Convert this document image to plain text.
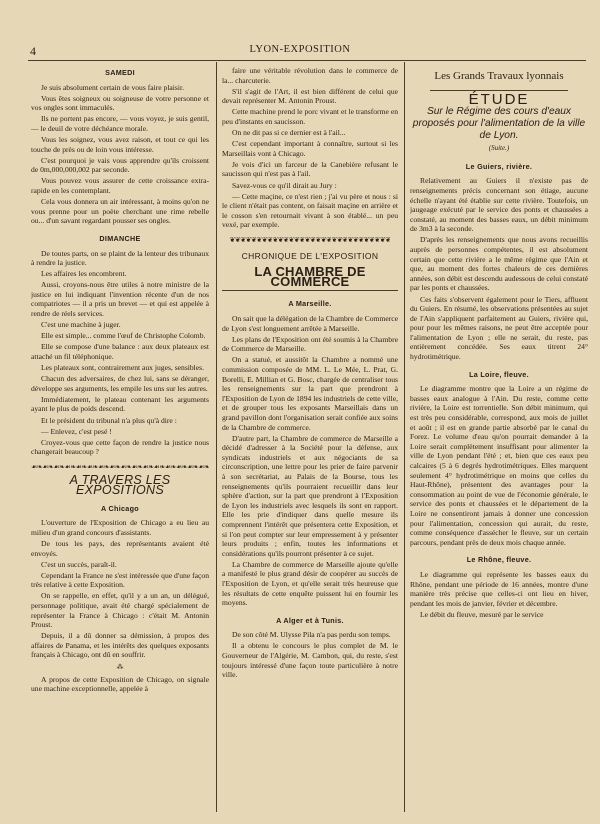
4	LYON-EXPOSITION
SAMEDI

Je suis absolument certain de vous faire plaisir.

Vous êtes soigneux ou soigneuse de votre personne et vos ongles sont immaculés.

Ils ne portent pas encore, — vous voyez, je suis gentil, — le deuil de votre déchéance morale.

Vous les soignez, vous avez raison, et tout ce qui les touche de près ou de loin vous intéresse.

C'est pourquoi je vais vous apprendre qu'ils croissent de 0m,000,000,002 par seconde.

Vous pouvez vous assurer de cette croissance extra-rapide en les contemplant.

Cela vous donnera un air intéressant, à moins qu'on ne vous prenne pour un poète cherchant une rime rebelle ou... d'un savant regardant pousser ses ongles.

DIMANCHE

De toutes parts, on se plaint de la lenteur des tribunaux à rendre la justice.

Les affaires les encombrent.

Aussi, croyons-nous être utiles à notre ministre de la justice en lui indiquant l'invention récente d'un de nos compatriotes — il a pris un brevet — et qui est appelée à rendre de réels services.

C'est une machine à juger.

Elle est simple... comme l'œuf de Christophe Colomb.

Elle se compose d'une balance : aux deux plateaux est attaché un fil téléphonique.

Les plateaux sont, contrairement aux juges, sensibles.

Chacun des adversaires, de chez lui, sans se déranger, développe ses arguments, les empile les uns sur les autres.

Immédiatement, le plateau contenant les arguments ayant le plus de poids descend.

Et le président du tribunal n'a plus qu'à dire :

— Enlevez, c'est pesé !

Croyez-vous que cette façon de rendre la justice nous changerait beaucoup ?

☙❧☙❧☙❧☙❧☙❧☙❧☙❧☙❧☙❧☙❧☙❧☙❧☙❧☙❧☙❧☙❧
A TRAVERS LES EXPOSITIONS
A Chicago

L'ouverture de l'Exposition de Chicago a eu lieu au milieu d'un grand concours d'assistants.

De tous les pays, des représentants avaient été envoyés.

C'est un succès, paraît-il.

Cependant la France ne s'est intéressée que d'une façon très relative à cette Exposition.

On se rappelle, en effet, qu'il y a un an, un délégué, personnage politique, avait été chargé spécialement de représenter la France à Chicago : c'était M. Antonin Proust.

Depuis, il a dû donner sa démission, à propos des affaires de Panama, et les intérêts des quelques exposants français à Chicago, ont dû en souffrir.

⁂

A propos de cette Exposition de Chicago, on signale une machine exceptionnelle, appelée à

faire une véritable révolution dans le commerce de la... charcuterie.

S'il s'agit de l'Art, il est bien différent de celui que devait représenter M. Antonin Proust.

Cette machine prend le porc vivant et le transforme en peu d'instants en saucisson.

On ne dit pas si ce dernier est à l'ail...

C'est cependant important à connaître, surtout si les Marseillais vont à Chicago.

Je vois d'ici un farceur de la Canebière refusant le saucisson qui n'est pas à l'ail.

Savez-vous ce qu'il dirait au Jury :

— Cette maçine, ce n'est rien ; j'ai vu père et nous : si le client n'était pas content, on faisait maçine en arrière et le cosson s'en retournait vivant à son établé... un peu vexé, par exemple.

❦❦❦❦❦❦❦❦❦❦❦❦❦❦❦❦❦❦❦❦❦❦❦❦❦❦❦❦❦❦
CHRONIQUE DE L'EXPOSITION
LA CHAMBRE DE COMMERCE
A Marseille.

On sait que la délégation de la Chambre de Commerce de Lyon s'est longuement arrêtée à Marseille.

Les plans de l'Exposition ont été soumis à la Chambre de Commerce de Marseille.

On a statué, et aussitôt la Chambre a nommé une commission composée de MM. L. Le Mée, L. Prat, G. Borelli, E. Millian et G. Bosc, chargée de centraliser tous les renseignements sur la part que prendront à l'Exposition de Lyon de 1894 les industriels de cette ville, et de grouper tous les exposants Marseillais dans un grand pavillon dont l'organisation serait confiée aux soins de la Chambre de commerce.

D'autre part, la Chambre de commerce de Marseille a décidé d'adresser à la Société pour la défense, aux syndicats industriels et aux négociants de sa circonscription, une lettre pour les prier de faire parvenir à son secrétariat, au Palais de la Bourse, tous les renseignements qu'ils pourraient recueillir dans leur sphère d'action, sur la part que prendront à l'Exposition de Lyon les industriels avec lesquels ils sont en rapport. Elle les prie d'indiquer dans quelle mesure ils comprennent l'intérêt que présentera cette Exposition, et si l'on peut compter sur leur empressement à y présenter leurs produits ; enfin, toutes les informations et considérations qu'ils pourront présenter à ce sujet.

La Chambre de commerce de Marseille ajoute qu'elle a manifesté le plus grand désir de coopérer au succès de l'Exposition de Lyon, et qu'elle serait très heureuse que les résultats de cette enquête puissent lui en fournir les moyens.

A Alger et à Tunis.

De son côté M. Ulysse Pila n'a pas perdu son temps.

Il a obtenu le concours le plus complet de M. le Gouverneur de l'Algérie, M. Cambon, qui, du reste, s'est toujours intéressé d'une façon toute particulière à notre ville.

Les Grands Travaux lyonnais
ÉTUDE
Sur le Régime des cours d'eaux proposés pour l'alimentation de la ville de Lyon.
(Suite.)
Le Guiers, rivière.

Relativement au Guiers il n'existe pas de renseignements précis concernant son étiage, aucune échelle n'ayant été établie sur cette rivière. Toutefois, un jaugeage exécuté par le service des ponts et chaussées a constaté, au moment des basses eaux, un débit minimum de 3m3 à la seconde.

D'après les renseignements que nous avons recueillis auprès de personnes compétentes, il est absolument certain que cette rivière a le même régime que l'Ain et que, au moment des fortes chaleurs de ces dernières années, son débit est descendu audessous de celui constaté par les ponts et chaussées.

Ces faits s'observent également pour le Tiers, affluent du Guiers. En résumé, les observations présentées au sujet de l'Ain s'appliquent parfaitement au Guiers, rivière qui, pour pour les mêmes raisons, ne peut être acceptée pour l'alimentation de Lyon ; elle ne serait, du reste, pas entièrement concédée. Ses eaux titrent 24° hydrotimétrique.

La Loire, fleuve.

Le diagramme montre que la Loire a un régime de basses eaux analogue à l'Ain. Du reste, comme cette rivière, la Loire est torrentielle. Son débit minimum, qui est très peu considérable, correspond, aux mois de juillet et août ; il est en grande partie absorbé par le canal du Forez. Le volume d'eau qu'on pourrait demander à la Loire serait complètement insuffisant pour alimenter la ville de Lyon pendant l'été ; et, bien que ces eaux peu calcaires (5 à 6 degrés hydrotimétriques. Elles marquent seulement 4° hydrotimétrique en moins que celles du Haut-Rhône), présentent des avantages pour la consommation au point de vue de l'économie générale, le service des ponts et chaussées et le département de la Loire ne consentiront jamais à donner une concession pour l'alimentation, concession qui aurait, du reste, comme conséquence d'assécher le fleuve, sur un certain parcours, pendant près de deux mois chaque année.

Le Rhône, fleuve.

Le diagramme qui représente les basses eaux du Rhône, pendant une période de 16 années, montre d'une manière très précise que celles-ci ont lieu en hiver, pendant les mois de janvier, février et décembre.

Le débit du fleuve, mesuré par le service
